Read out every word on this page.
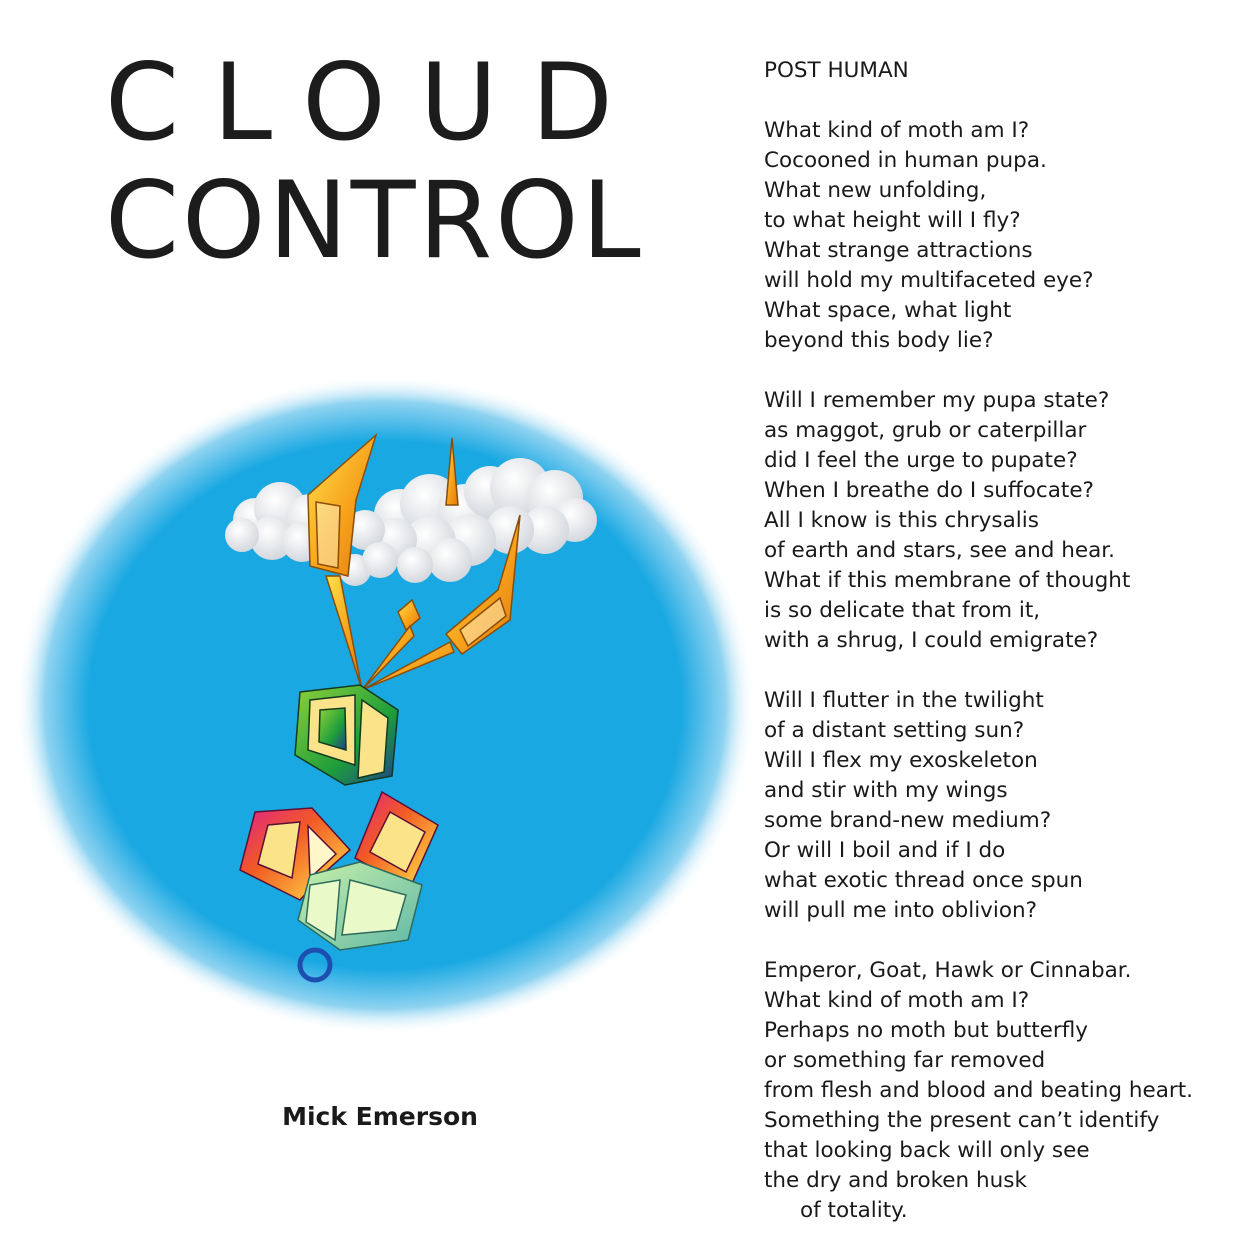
CLOUD
CONTROL
Mick Emerson
POST HUMAN
What kind of moth am I?
Cocooned in human pupa.
What new unfolding,
to what height will I fly?
What strange attractions
will hold my multifaceted eye?
What space, what light
beyond this body lie?
Will I remember my pupa state?
as maggot, grub or caterpillar
did I feel the urge to pupate?
When I breathe do I suffocate?
All I know is this chrysalis
of earth and stars, see and hear.
What if this membrane of thought
is so delicate that from it,
with a shrug, I could emigrate?
Will I flutter in the twilight
of a distant setting sun?
Will I flex my exoskeleton
and stir with my wings
some brand-new medium?
Or will I boil and if I do
what exotic thread once spun
will pull me into oblivion?
Emperor, Goat, Hawk or Cinnabar.
What kind of moth am I?
Perhaps no moth but butterfly
or something far removed
from flesh and blood and beating heart.
Something the present can’t identify
that looking back will only see
the dry and broken husk
of totality.
